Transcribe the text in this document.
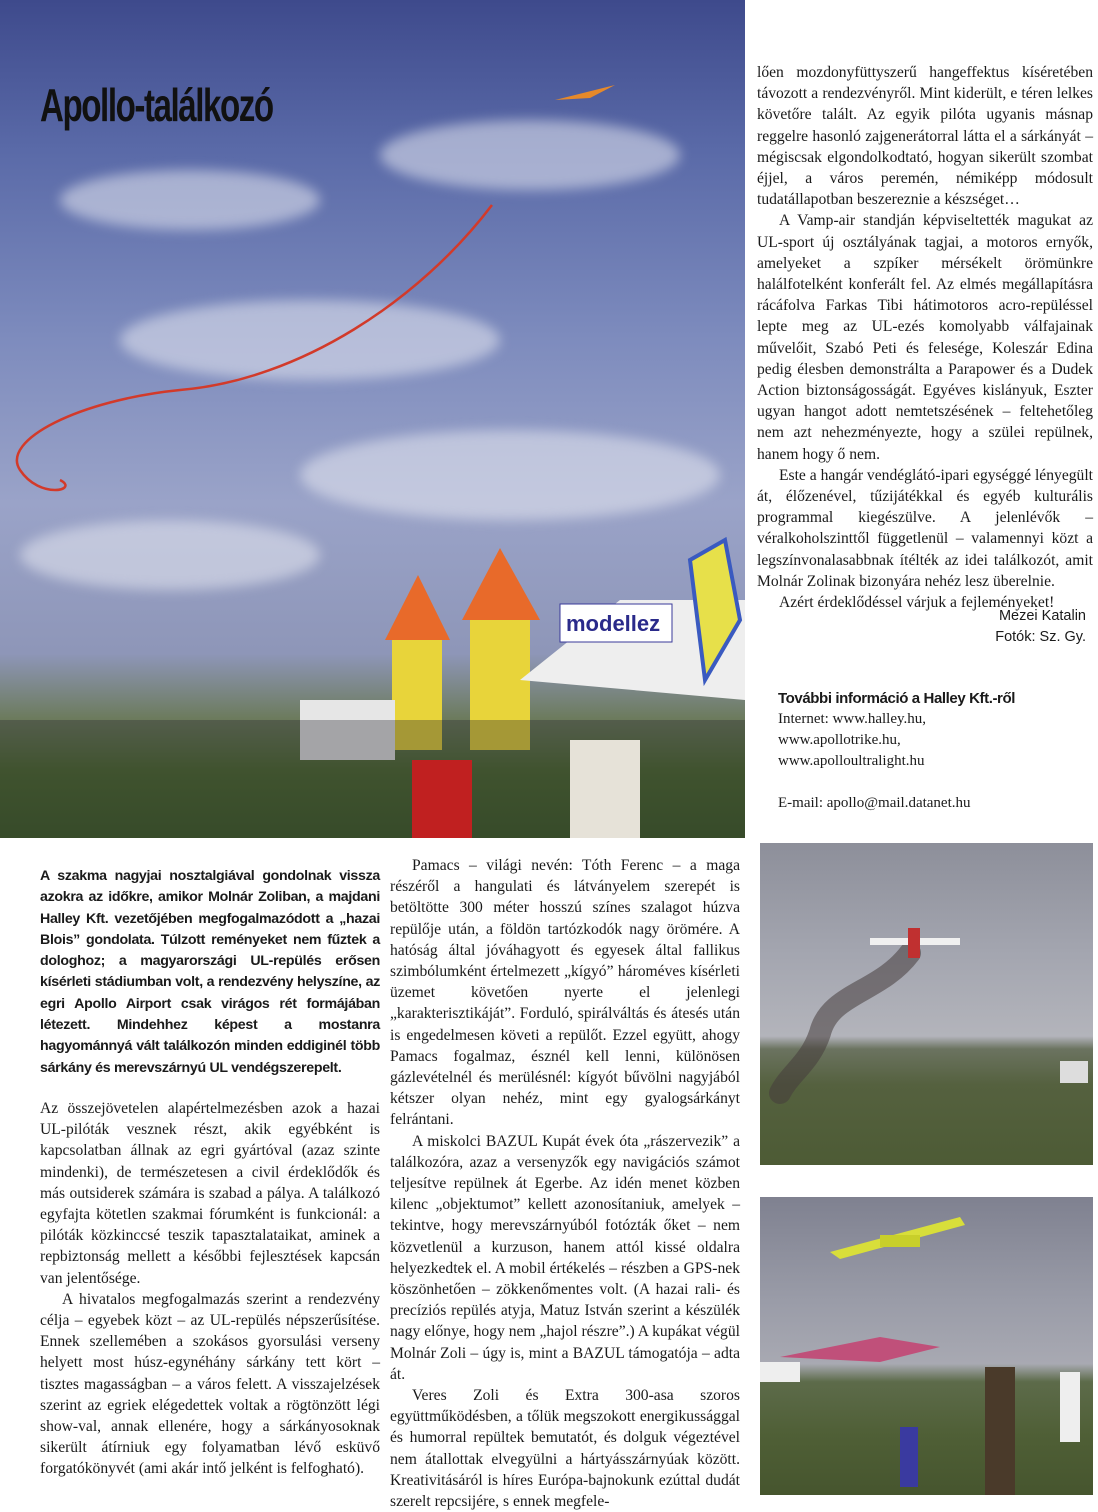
modellez
Apollo-találkozó

lően mozdonyfüttyszerű hangeffektus kíséretében távozott a rendezvényről. Mint kiderült, e téren lelkes követőre talált. Az egyik pilóta ugyanis másnap reggelre hasonló zajgenerátorral látta el a sárkányát – mégiscsak elgondolkodtató, hogyan sikerült szombat éjjel, a város peremén, némiképp módosult tudatállapotban beszereznie a készséget…

A Vamp-air standján képviseltették magukat az UL-sport új osztályának tagjai, a motoros ernyők, amelyeket a szpíker mérsékelt örömünkre halálfotelként konferált fel. Az elmés megállapításra rácáfolva Farkas Tibi hátimotoros acro-repüléssel lepte meg az UL-ezés komolyabb válfajainak művelőit, Szabó Peti és felesége, Koleszár Edina pedig élesben demonstrálta a Parapower és a Dudek Action biztonságosságát. Egyéves kislányuk, Eszter ugyan hangot adott nemtetszésének – feltehetőleg nem azt nehezményezte, hogy a szülei repülnek, hanem hogy ő nem.

Este a hangár vendéglátó-ipari egységgé lényegült át, élőzenével, tűzijátékkal és egyéb kulturális programmal kiegészülve. A jelenlévők – véralkoholszinttől függetlenül – valamennyi közt a legszínvonalasabbnak ítélték az idei találkozót, amit Molnár Zolinak bizonyára nehéz lesz überelnie.

Azért érdeklődéssel várjuk a fejleményeket!

Mezei Katalin
Fotók: Sz. Gy.
További információ a Halley Kft.-ről
Internet: www.halley.hu,
www.apollotrike.hu,
www.apolloultralight.hu
E-mail: apollo@mail.datanet.hu
A szakma nagyjai nosztalgiával gondolnak vissza azokra az időkre, amikor Molnár Zoliban, a majdani Halley Kft. vezetőjében megfogalmazódott a „hazai Blois” gondolata. Túlzott reményeket nem fűztek a dologhoz; a magyarországi UL-repülés erősen kísérleti stádiumban volt, a rendezvény helyszíne, az egri Apollo Airport csak virágos rét formájában létezett. Mindehhez képest a mostanra hagyománnyá vált találkozón minden eddiginél több sárkány és merevszárnyú UL vendégszerepelt.

Az összejövetelen alapértelmezésben azok a hazai UL-pilóták vesznek részt, akik egyébként is kapcsolatban állnak az egri gyártóval (azaz szinte mindenki), de természetesen a civil érdeklődők és más outsiderek számára is szabad a pálya. A találkozó egyfajta kötetlen szakmai fórumként is funkcionál: a pilóták közkinccsé teszik tapasztalataikat, aminek a repbiztonság mellett a későbbi fejlesztések kapcsán van jelentősége.

A hivatalos megfogalmazás szerint a rendezvény célja – egyebek közt – az UL-repülés népszerűsítése. Ennek szellemében a szokásos gyorsulási verseny helyett most húsz-egynéhány sárkány tett kört – tisztes magasságban – a város felett. A visszajelzések szerint az egriek elégedettek voltak a rögtönzött légi show-val, annak ellenére, hogy a sárkányosoknak sikerült átírniuk egy folyamatban lévő esküvő forgatókönyvét (ami akár intő jelként is felfogható).

Pamacs – világi nevén: Tóth Ferenc – a maga részéről a hangulati és látványelem szerepét is betöltötte 300 méter hosszú színes szalagot húzva repülője után, a földön tartózkodók nagy örömére. A hatóság által jóváhagyott és egyesek által fallikus szimbólumként értelmezett „kígyó” hároméves kísérleti üzemet követően nyerte el jelenlegi „karakterisztikáját”. Forduló, spirálváltás és átesés után is engedelmesen követi a repülőt. Ezzel együtt, ahogy Pamacs fogalmaz, észnél kell lenni, különösen gázlevételnél és merülésnél: kígyót bűvölni nagyjából kétszer olyan nehéz, mint egy gyalogsárkányt felrántani.

A miskolci BAZUL Kupát évek óta „rászervezik” a találkozóra, azaz a versenyzők egy navigációs számot teljesítve repülnek át Egerbe. Az idén menet közben kilenc „objektumot” kellett azonosítaniuk, amelyek – tekintve, hogy merevszárnyúból fotózták őket – nem közvetlenül a kurzuson, hanem attól kissé oldalra helyezkedtek el. A mobil értékelés – részben a GPS-nek köszönhetően – zökkenőmentes volt. (A hazai rali- és precíziós repülés atyja, Matuz István szerint a készülék nagy előnye, hogy nem „hajol részre”.) A kupákat végül Molnár Zoli – úgy is, mint a BAZUL támogatója – adta át.

Veres Zoli és Extra 300-asa szoros együttműködésben, a tőlük megszokott energikussággal és humorral repültek bemutatót, és dolguk végeztével nem átallottak elvegyülni a hártyásszárnyúak között. Kreativitásáról is híres Európa-bajnokunk ezúttal dudát szerelt repcsijére, s ennek megfele-
